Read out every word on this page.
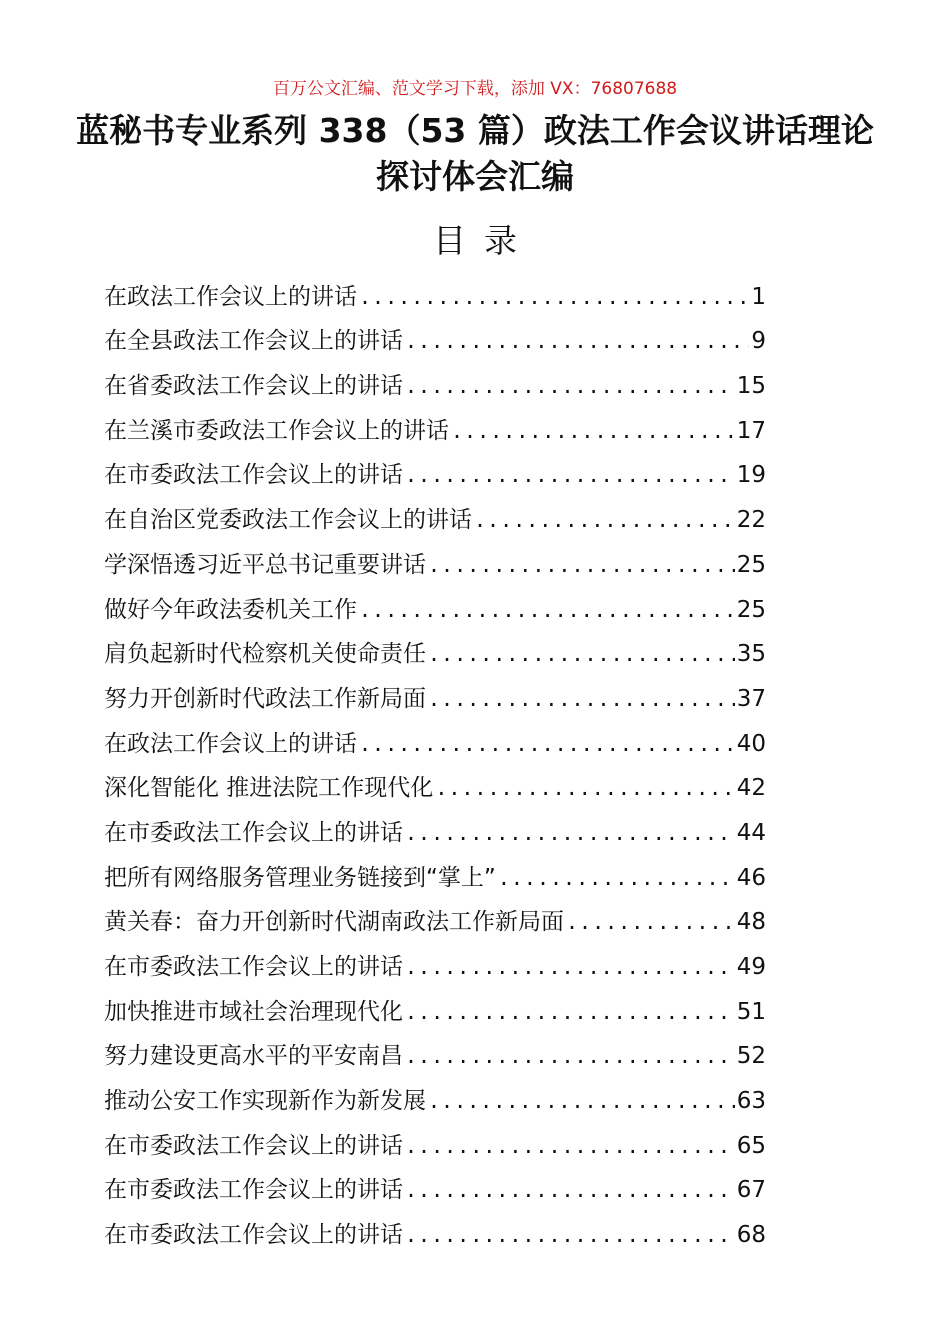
百万公文汇编、范文学习下载，添加 VX：76807688
蓝秘书专业系列 338（53 篇）政法工作会议讲话理论探讨体会汇编
目录
在政法工作会议上的讲话 .....	1
在全县政法工作会议上的讲话 .....	9
在省委政法工作会议上的讲话 .....	15
在兰溪市委政法工作会议上的讲话 .....	17
在市委政法工作会议上的讲话 .....	19
在自治区党委政法工作会议上的讲话 .....	22
学深悟透习近平总书记重要讲话 .....	25
做好今年政法委机关工作 .....	25
肩负起新时代检察机关使命责任 .....	35
努力开创新时代政法工作新局面 .....	37
在政法工作会议上的讲话 .....	40
深化智能化 推进法院工作现代化 .....	42
在市委政法工作会议上的讲话 .....	44
把所有网络服务管理业务链接到“掌上” .....	46
黄关春：奋力开创新时代湖南政法工作新局面 .....	48
在市委政法工作会议上的讲话 .....	49
加快推进市域社会治理现代化 .....	51
努力建设更高水平的平安南昌 .....	52
推动公安工作实现新作为新发展 .....	63
在市委政法工作会议上的讲话 .....	65
在市委政法工作会议上的讲话 .....	67
在市委政法工作会议上的讲话 .....	68
